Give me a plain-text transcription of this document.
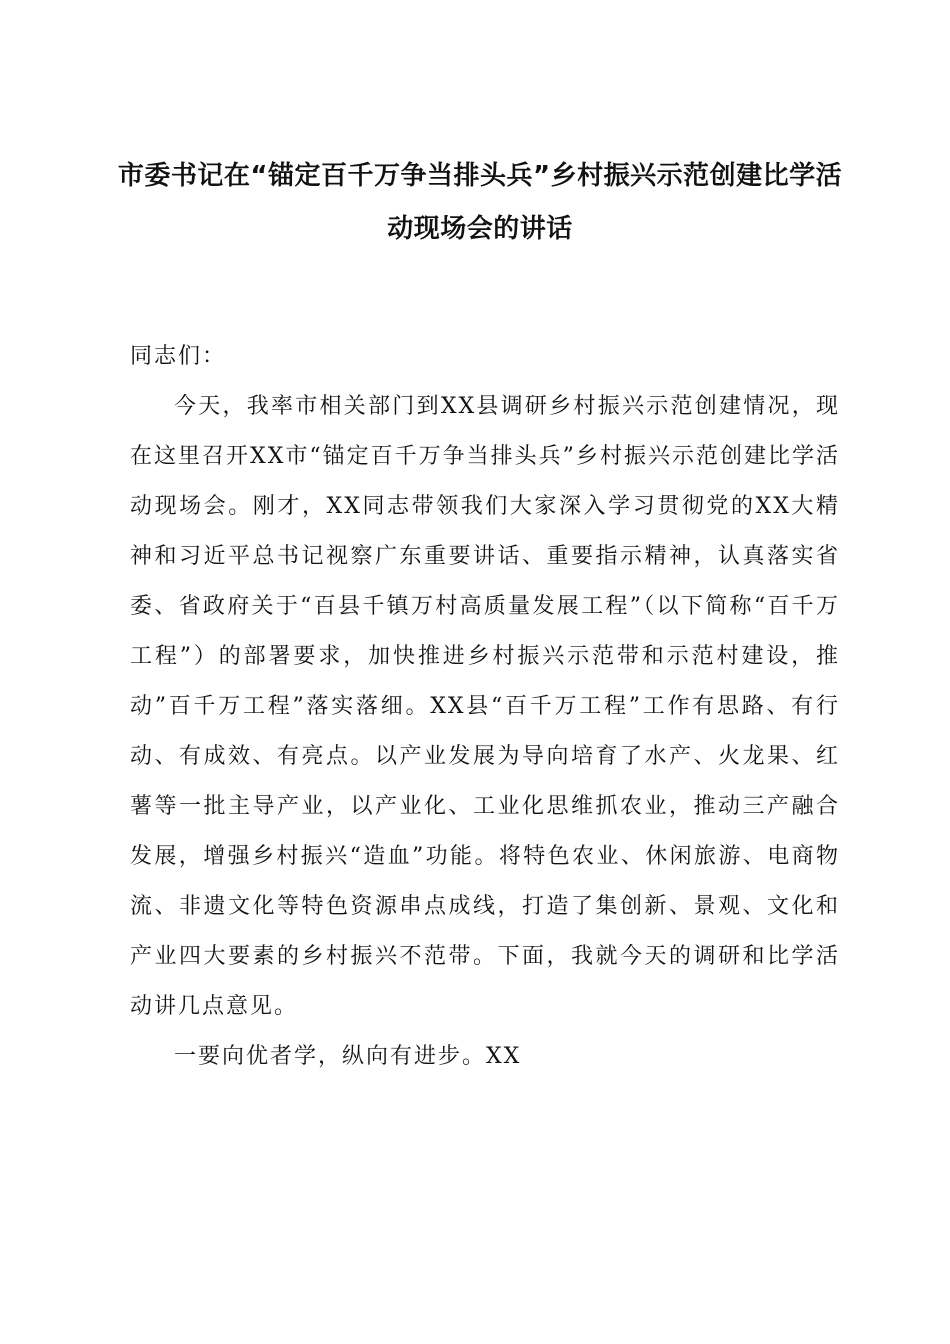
市委书记在“锚定百千万争当排头兵”乡村振兴示范创建比学活动现场会的讲话
同志们：

今天，我率市相关部门到XX县调研乡村振兴示范创建情况，现在这里召开XX市“锚定百千万争当排头兵”乡村振兴示范创建比学活动现场会。刚才，XX同志带领我们大家深入学习贯彻党的XX大精神和习近平总书记视察广东重要讲话、重要指示精神，认真落实省委、省政府关于“百县千镇万村高质量发展工程”（以下简称“百千万工程”）的部署要求，加快推进乡村振兴示范带和示范村建设，推动”百千万工程”落实落细。XX县“百千万工程”工作有思路、有行动、有成效、有亮点。以产业发展为导向培育了水产、火龙果、红薯等一批主导产业，以产业化、工业化思维抓农业，推动三产融合发展，增强乡村振兴“造血”功能。将特色农业、休闲旅游、电商物流、非遗文化等特色资源串点成线，打造了集创新、景观、文化和产业四大要素的乡村振兴不范带。下面，我就今天的调研和比学活动讲几点意见。

一要向优者学，纵向有进步。XX
